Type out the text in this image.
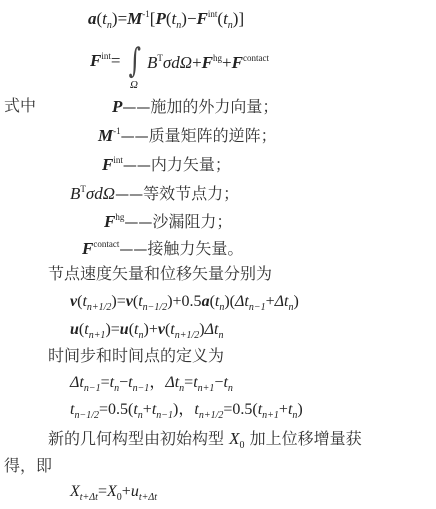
$a(t_n)=M^{-1}[P(t_n)-F^{int}(t_n)]$
$F^{int}=$ ∫
Ω
$B^T\sigma d\Omega+F^{hg}+F^{contact}$
式中	P——施加的外力向量；
$M^{-1}——$质量矩阵的逆阵；
$F^{int}——$内力矢量；
$B^T\sigma d\Omega——$等效节点力；
$F^{hg}——$沙漏阻力；
$F^{contact}——$接触力矢量。
节点速度矢量和位移矢量分别为
$v(t_{n+1/2})=v(t_{n-1/2})+0.5a(t_n)(\Delta t_{n-1}+\Delta t_n)$
$u(t_{n+1})=u(t_n)+v(t_{n+1/2})\Delta t_n$
时间步和时间点的定义为
$\Delta t_{n-1}=t_n-t_{n-1}$，$\Delta t_n=t_{n+1}-t_n$
$t_{n-1/2}=0.5(t_n+t_{n-1})$，$t_{n+1/2}=0.5(t_{n+1}+t_n)$
新的几何构型由初始构型 $X_0$ 加上位移增量获
得，即
$X_{t+\Delta t}=X_0+u_{t+\Delta t}$
